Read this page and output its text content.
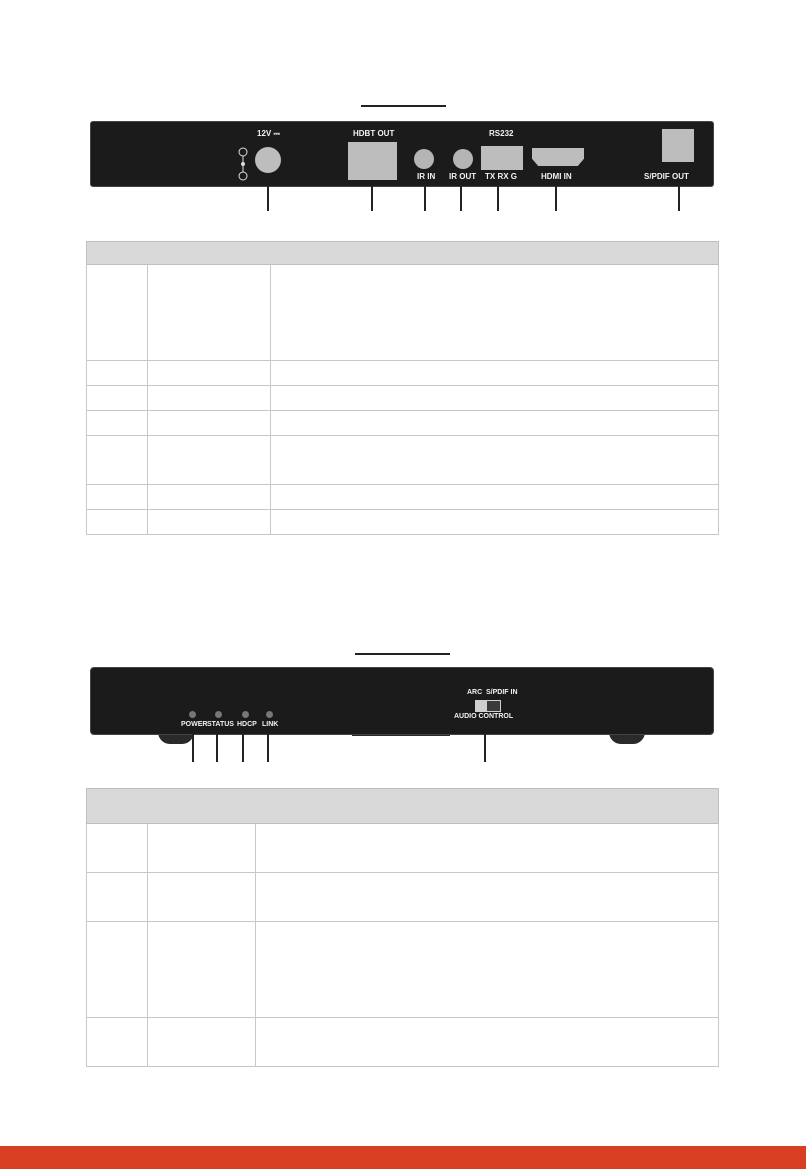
12V ⎓	HDBT OUT
IR IN IR OUT
RS232
TX RX G	HDMI IN	S/PDIF OUT

POWER STATUS HDCP LINK
ARC S/PDIF IN
AUDIO CONTROL
